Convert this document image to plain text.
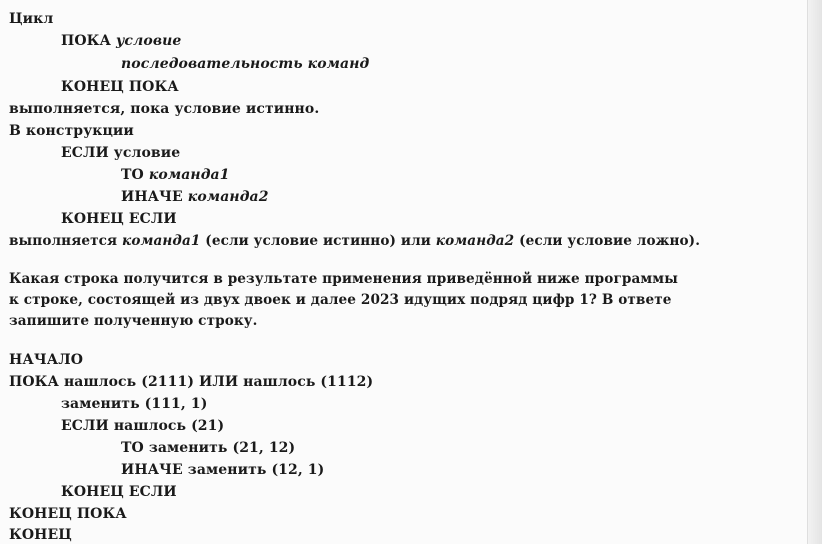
Цикл
ПОКА условие
последовательность команд
КОНЕЦ ПОКА
выполняется, пока условие истинно.
В конструкции
ЕСЛИ условие
ТО команда1
ИНАЧЕ команда2
КОНЕЦ ЕСЛИ
выполняется команда1 (если условие истинно) или команда2 (если условие ложно).
Какая строка получится в результате применения приведённой ниже программы
к строке, состоящей из двух двоек и далее 2023 идущих подряд цифр 1? В ответе
запишите полученную строку.
НАЧАЛО
ПОКА нашлось (2111) ИЛИ нашлось (1112)
заменить (111, 1)
ЕСЛИ нашлось (21)
ТО заменить (21, 12)
ИНАЧЕ заменить (12, 1)
КОНЕЦ ЕСЛИ
КОНЕЦ ПОКА
КОНЕЦ
